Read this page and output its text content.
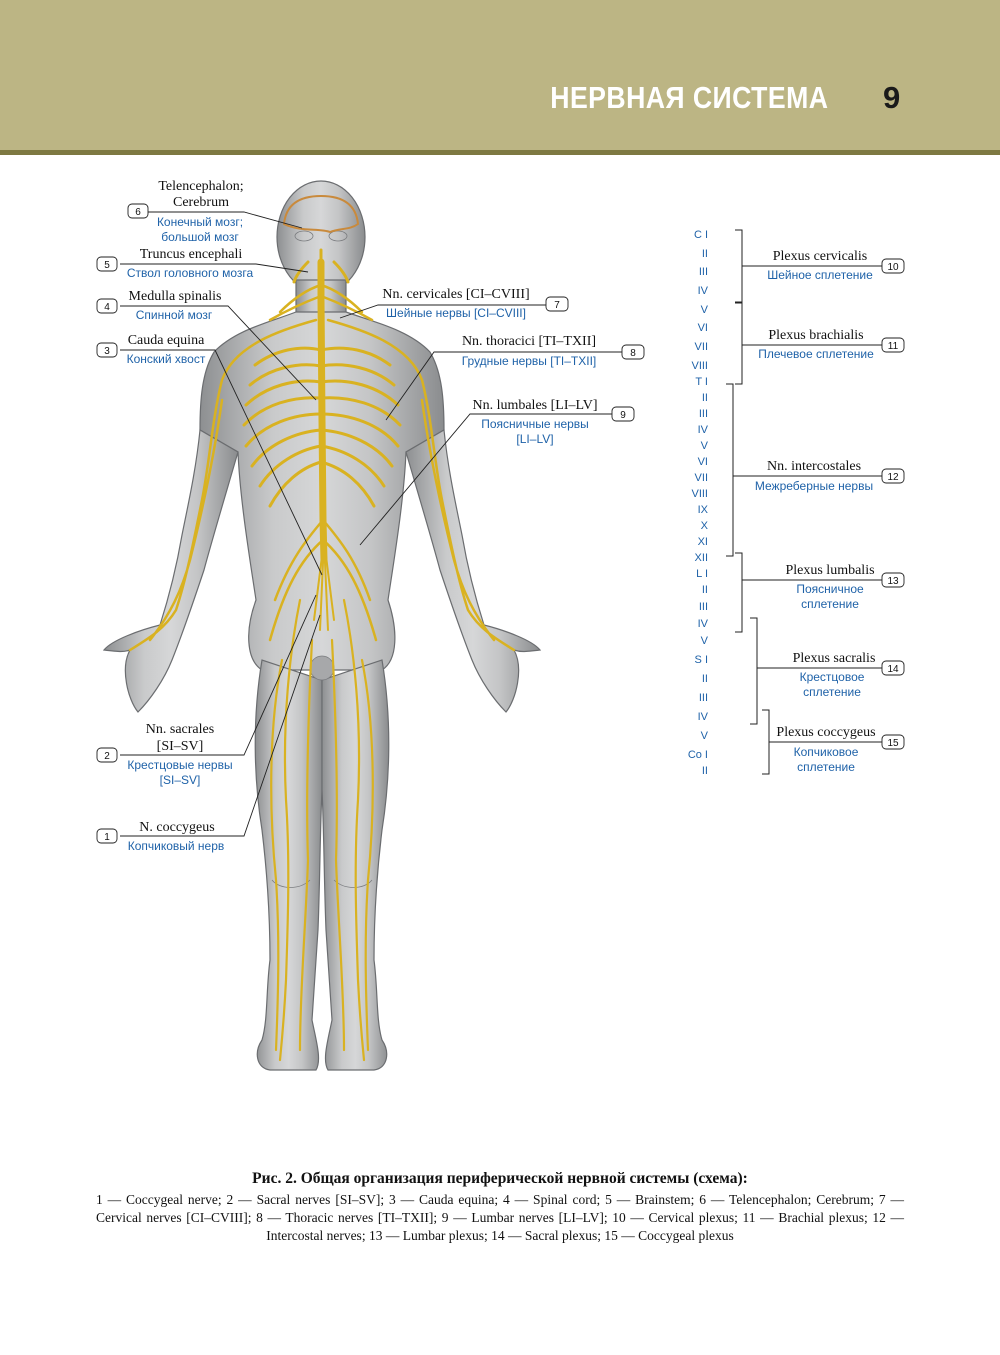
НЕРВНАЯ СИСТЕМА 9
Telencephalon;
Cerebrum
6
Конечный мозг;
большой мозг
Truncus encephali
5
Ствол головного мозга
Medulla spinalis
4
Спинной мозг
Cauda equina
3
Конский хвост
Nn. sacrales
[SI–SV]
2
Крестцовые нервы
[SI–SV]
N. coccygeus
1
Копчиковый нерв
Nn. cervicales [CI–CVIII]
7
Шейные нервы [CI–CVIII]
Nn. thoracici [TI–TXII]
8
Грудные нервы [TI–TXII]
Nn. lumbales [LI–LV]
9
Поясничные нервы
[LI–LV]
C I
II
III
IV
V
VI
VII
VIII
T I
II
III
IV
V
VI
VII
VIII
IX
X
XI
XII
L I
II
III
IV
V
S I
II
III
IV
V
Co I
II
Plexus cervicalis
10
Шейное сплетение
Plexus brachialis
11
Плечевое сплетение
Nn. intercostales
12
Межреберные нервы
Plexus lumbalis
13
Поясничное
сплетение
Plexus sacralis
14
Крестцовое
сплетение
Plexus coccygeus
15
Копчиковое
сплетение
Рис. 2. Общая организация периферической нервной системы (схема):
1 — Coccygeal nerve; 2 — Sacral nerves [SI–SV]; 3 — Cauda equina; 4 — Spinal cord; 5 — Brainstem; 6 — Telencephalon; Cerebrum; 7 — Cervical nerves [CI–CVIII]; 8 — Thoracic nerves [TI–TXII]; 9 — Lumbar nerves [LI–LV]; 10 — Cervical plexus; 11 — Brachial plexus; 12 — Intercostal nerves; 13 — Lumbar plexus; 14 — Sacral plexus; 15 — Coccygeal plexus
